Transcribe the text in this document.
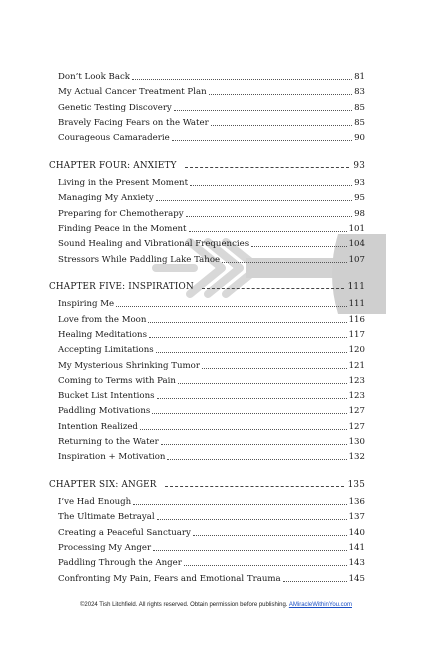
Don’t Look Back	81
My Actual Cancer Treatment Plan	83
Genetic Testing Discovery	85
Bravely Facing Fears on the Water	85
Courageous Camaraderie	90
CHAPTER FOUR: ANXIETY	93
Living in the Present Moment	93
Managing My Anxiety	95
Preparing for Chemotherapy	98
Finding Peace in the Moment	101
Sound Healing and Vibrational Frequencies	104
Stressors While Paddling Lake Tahoe	107
CHAPTER FIVE: INSPIRATION	111
Inspiring Me	111
Love from the Moon	116
Healing Meditations	117
Accepting Limitations	120
My Mysterious Shrinking Tumor	121
Coming to Terms with Pain	123
Bucket List Intentions	123
Paddling Motivations	127
Intention Realized	127
Returning to the Water	130
Inspiration + Motivation	132
CHAPTER SIX: ANGER	135
I’ve Had Enough	136
The Ultimate Betrayal	137
Creating a Peaceful Sanctuary	140
Processing My Anger	141
Paddling Through the Anger	143
Confronting My Pain, Fears and Emotional Trauma	145
©2024 Tish Litchfield. All rights reserved. Obtain permission before publishing. AMiracleWithinYou.com
